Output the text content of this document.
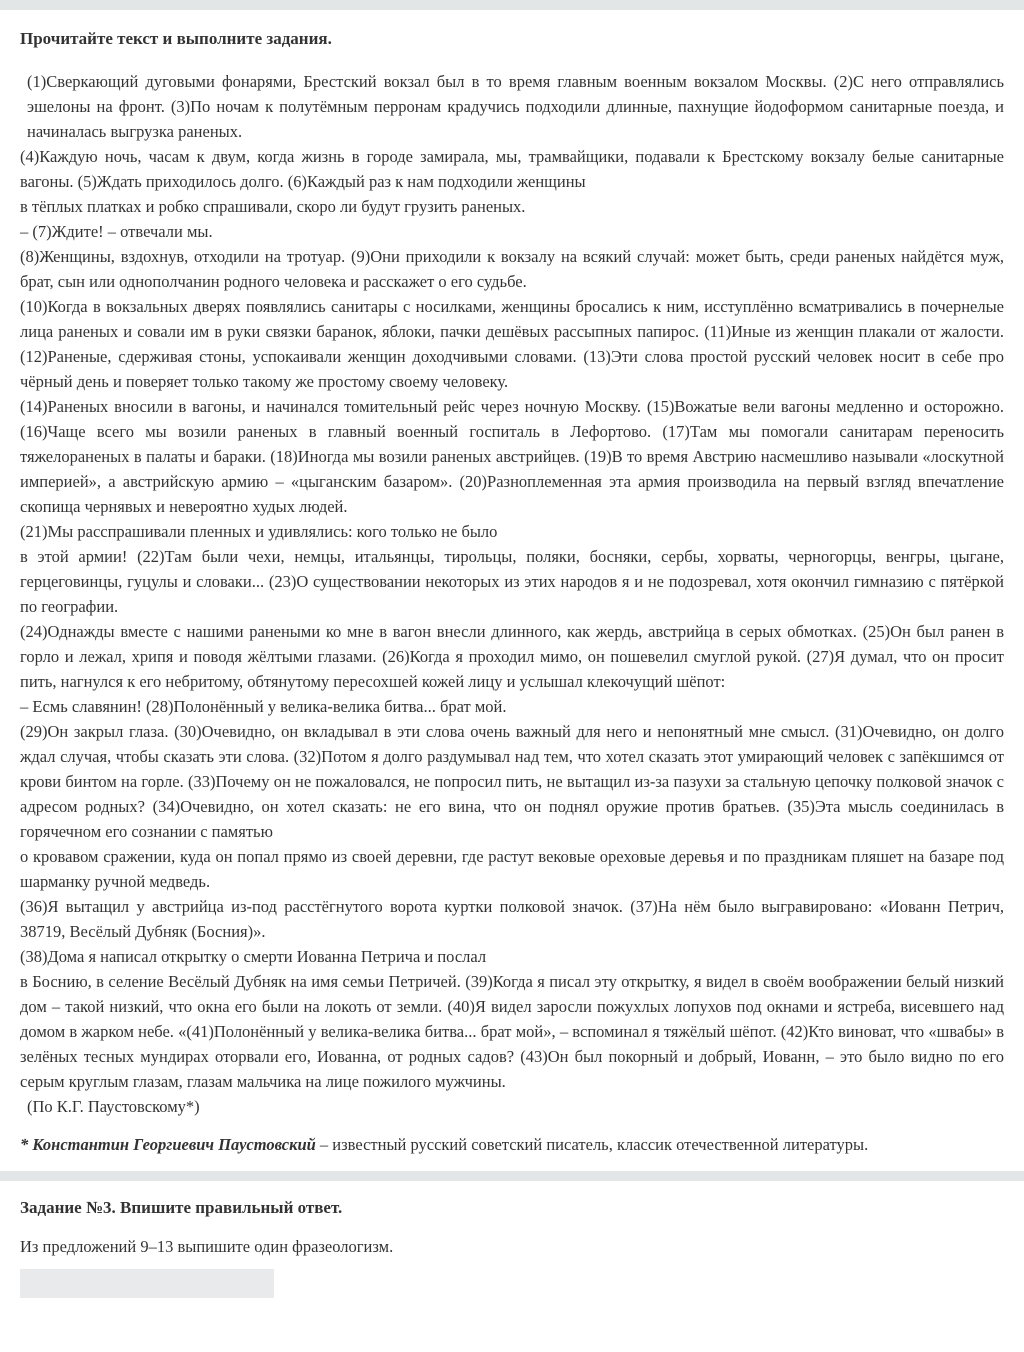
Прочитайте текст и выполните задания.

(1)Сверкающий дуговыми фонарями, Брестский вокзал был в то время главным военным вокзалом Москвы. (2)С него отправлялись эшелоны на фронт. (3)По ночам к полутёмным перронам крадучись подходили длинные, пахнущие йодоформом санитарные поезда, и начиналась выгрузка раненых.

(4)Каждую ночь, часам к двум, когда жизнь в городе замирала, мы, трамвайщики, подавали к Брестскому вокзалу белые санитарные вагоны. (5)Ждать приходилось долго. (6)Каждый раз к нам подходили женщины

в тёплых платках и робко спрашивали, скоро ли будут грузить раненых.

– (7)Ждите! – отвечали мы.

(8)Женщины, вздохнув, отходили на тротуар. (9)Они приходили к вокзалу на всякий случай: может быть, среди раненых найдётся муж, брат, сын или однополчанин родного человека и расскажет о его судьбе.

(10)Когда в вокзальных дверях появлялись санитары с носилками, женщины бросались к ним, исступлённо всматривались в почернелые лица раненых и совали им в руки связки баранок, яблоки, пачки дешёвых рассыпных папирос. (11)Иные из женщин плакали от жалости. (12)Раненые, сдерживая стоны, успокаивали женщин доходчивыми словами. (13)Эти слова простой русский человек носит в себе про чёрный день и поверяет только такому же простому своему человеку.

(14)Раненых вносили в вагоны, и начинался томительный рейс через ночную Москву. (15)Вожатые вели вагоны медленно и осторожно. (16)Чаще всего мы возили раненых в главный военный госпиталь в Лефортово. (17)Там мы помогали санитарам переносить тяжелораненых в палаты и бараки. (18)Иногда мы возили раненых австрийцев. (19)В то время Австрию насмешливо называли «лоскутной империей», а австрийскую армию – «цыганским базаром». (20)Разноплеменная эта армия производила на первый взгляд впечатление скопища чернявых и невероятно худых людей.

(21)Мы расспрашивали пленных и удивлялись: кого только не было

в этой армии! (22)Там были чехи, немцы, итальянцы, тирольцы, поляки, босняки, сербы, хорваты, черногорцы, венгры, цыгане, герцеговинцы, гуцулы и словаки... (23)О существовании некоторых из этих народов я и не подозревал, хотя окончил гимназию с пятёркой по географии.

(24)Однажды вместе с нашими ранеными ко мне в вагон внесли длинного, как жердь, австрийца в серых обмотках. (25)Он был ранен в горло и лежал, хрипя и поводя жёлтыми глазами. (26)Когда я проходил мимо, он пошевелил смуглой рукой. (27)Я думал, что он просит пить, нагнулся к его небритому, обтянутому пересохшей кожей лицу и услышал клекочущий шёпот:

– Есмь славянин! (28)Полонённый у велика-велика битва... брат мой.

(29)Он закрыл глаза. (30)Очевидно, он вкладывал в эти слова очень важный для него и непонятный мне смысл. (31)Очевидно, он долго ждал случая, чтобы сказать эти слова. (32)Потом я долго раздумывал над тем, что хотел сказать этот умирающий человек с запёкшимся от крови бинтом на горле. (33)Почему он не пожаловался, не попросил пить, не вытащил из-за пазухи за стальную цепочку полковой значок с адресом родных? (34)Очевидно, он хотел сказать: не его вина, что он поднял оружие против братьев. (35)Эта мысль соединилась в горячечном его сознании с памятью

о кровавом сражении, куда он попал прямо из своей деревни, где растут вековые ореховые деревья и по праздникам пляшет на базаре под шарманку ручной медведь.

(36)Я вытащил у австрийца из-под расстёгнутого ворота куртки полковой значок. (37)На нём было выгравировано: «Иованн Петрич, 38719, Весёлый Дубняк (Босния)».

(38)Дома я написал открытку о смерти Иованна Петрича и послал

в Боснию, в селение Весёлый Дубняк на имя семьи Петричей. (39)Когда я писал эту открытку, я видел в своём воображении белый низкий дом – такой низкий, что окна его были на локоть от земли. (40)Я видел заросли пожухлых лопухов под окнами и ястреба, висевшего над домом в жарком небе. «(41)Полонённый у велика-велика битва... брат мой», – вспоминал я тяжёлый шёпот. (42)Кто виноват, что «швабы» в зелёных тесных мундирах оторвали его, Иованна, от родных садов? (43)Он был покорный и добрый, Иованн, – это было видно по его серым круглым глазам, глазам мальчика на лице пожилого мужчины.

(По К.Г. Паустовскому*)

* Константин Георгиевич Паустовский – известный русский советский писатель, классик отечественной литературы.

Задание №3. Впишите правильный ответ.

Из предложений 9–13 выпишите один фразеологизм.
